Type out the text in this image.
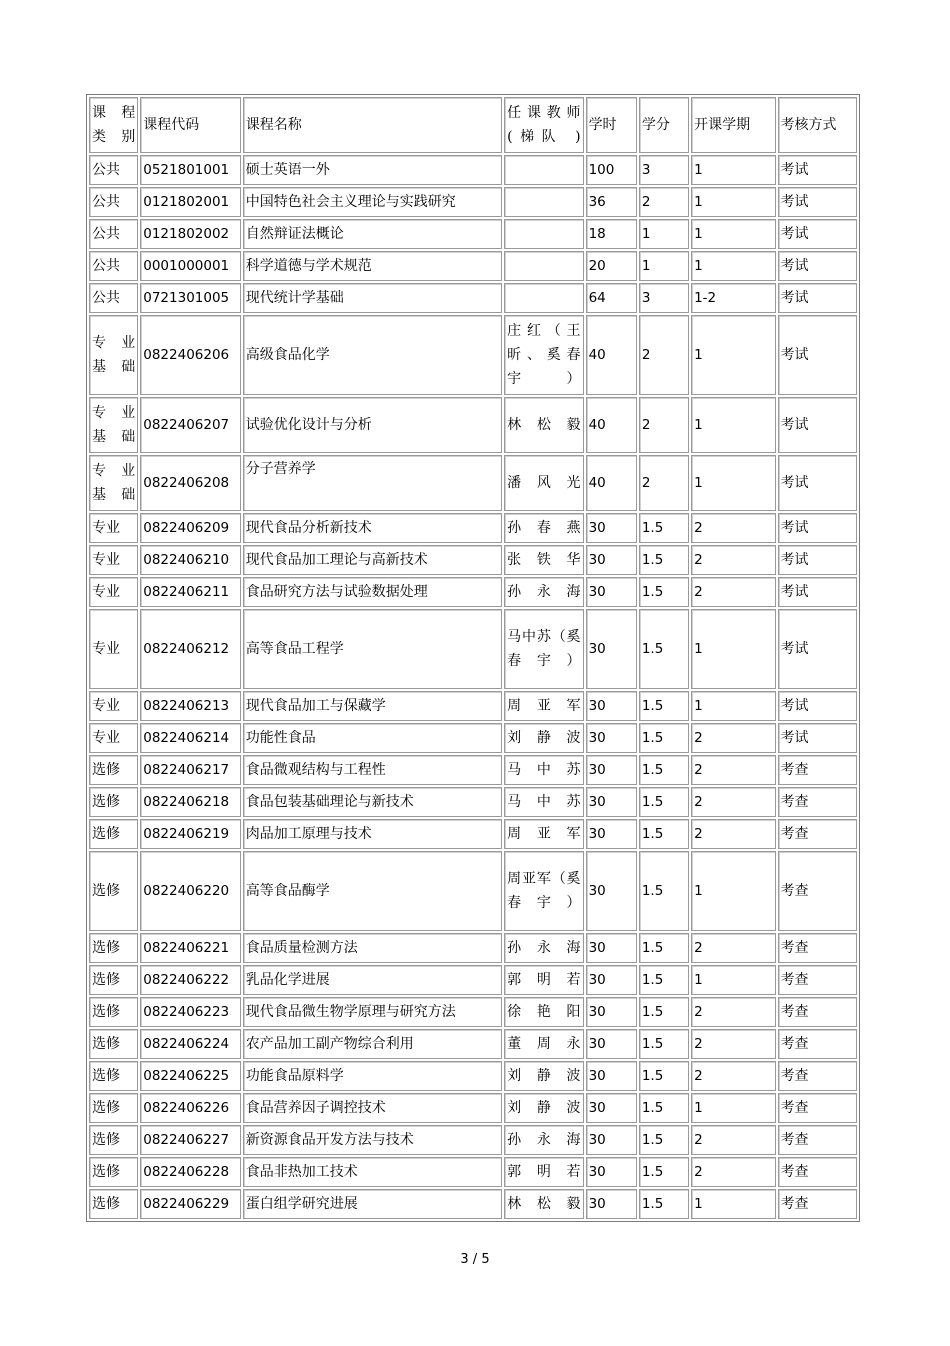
课 程 类别	课程代码	课程名称	任课教师(梯队 )	学时	学分	开课学期	考核方式
公共	0521801001	硕士英语一外		100	3	1	考试
公共	0121802001	中国特色社会主义理论与实践研究		36	2	1	考试
公共	0121802002	自然辩证法概论		18	1	1	考试
公共	0001000001	科学道德与学术规范		20	1	1	考试
公共	0721301005	现代统计学基础		64	3	1-2	考试
专 业 基础	0822406206	高级食品化学	庄红（王昕、奚春宇）	40	2	1	考试
专 业 基础	0822406207	试验优化设计与分析	林松毅	40	2	1	考试
专 业 基础	0822406208	分子营养学	潘风光	40	2	1	考试
专业	0822406209	现代食品分析新技术	孙春燕	30	1.5	2	考试
专业	0822406210	现代食品加工理论与高新技术	张铁华	30	1.5	2	考试
专业	0822406211	食品研究方法与试验数据处理	孙永海	30	1.5	2	考试
专业	0822406212	高等食品工程学	马中苏（奚春宇）	30	1.5	1	考试
专业	0822406213	现代食品加工与保藏学	周亚军	30	1.5	1	考试
专业	0822406214	功能性食品	刘静波	30	1.5	2	考试
选修	0822406217	食品微观结构与工程性	马中苏	30	1.5	2	考查
选修	0822406218	食品包装基础理论与新技术	马中苏	30	1.5	2	考查
选修	0822406219	肉品加工原理与技术	周亚军	30	1.5	2	考查
选修	0822406220	高等食品酶学	周亚军（奚春宇）	30	1.5	1	考查
选修	0822406221	食品质量检测方法	孙永海	30	1.5	2	考查
选修	0822406222	乳品化学进展	郭明若	30	1.5	1	考查
选修	0822406223	现代食品微生物学原理与研究方法	徐艳阳	30	1.5	2	考查
选修	0822406224	农产品加工副产物综合利用	董周永	30	1.5	2	考查
选修	0822406225	功能食品原料学	刘静波	30	1.5	2	考查
选修	0822406226	食品营养因子调控技术	刘静波	30	1.5	1	考查
选修	0822406227	新资源食品开发方法与技术	孙永海	30	1.5	2	考查
选修	0822406228	食品非热加工技术	郭明若	30	1.5	2	考查
选修	0822406229	蛋白组学研究进展	林松毅	30	1.5	1	考查
3 / 5
